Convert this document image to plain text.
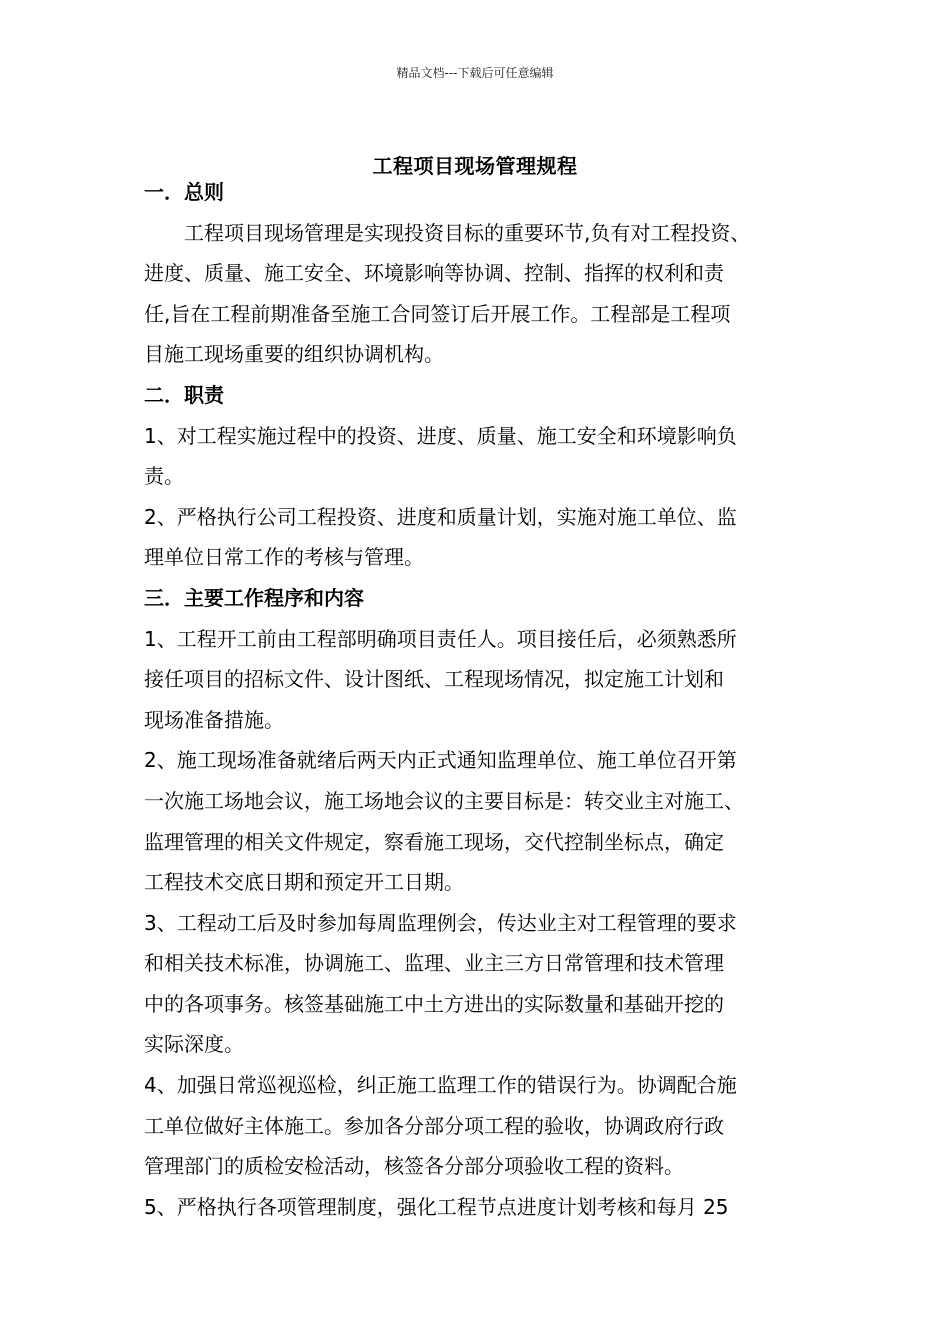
精品文档---下载后可任意编辑
工程项目现场管理规程
一．总则
工程项目现场管理是实现投资目标的重要环节,负有对工程投资、
进度、质量、施工安全、环境影响等协调、控制、指挥的权利和责
任,旨在工程前期准备至施工合同签订后开展工作。工程部是工程项
目施工现场重要的组织协调机构。
二．职责
1、对工程实施过程中的投资、进度、质量、施工安全和环境影响负
责。
2、严格执行公司工程投资、进度和质量计划，实施对施工单位、监
理单位日常工作的考核与管理。
三．主要工作程序和内容
1、工程开工前由工程部明确项目责任人。项目接任后，必须熟悉所
接任项目的招标文件、设计图纸、工程现场情况，拟定施工计划和
现场准备措施。
2、施工现场准备就绪后两天内正式通知监理单位、施工单位召开第
一次施工场地会议，施工场地会议的主要目标是：转交业主对施工、
监理管理的相关文件规定，察看施工现场，交代控制坐标点，确定
工程技术交底日期和预定开工日期。
3、工程动工后及时参加每周监理例会，传达业主对工程管理的要求
和相关技术标准，协调施工、监理、业主三方日常管理和技术管理
中的各项事务。核签基础施工中土方进出的实际数量和基础开挖的
实际深度。
4、加强日常巡视巡检，纠正施工监理工作的错误行为。协调配合施
工单位做好主体施工。参加各分部分项工程的验收，协调政府行政
管理部门的质检安检活动，核签各分部分项验收工程的资料。
5、严格执行各项管理制度，强化工程节点进度计划考核和每月 25
